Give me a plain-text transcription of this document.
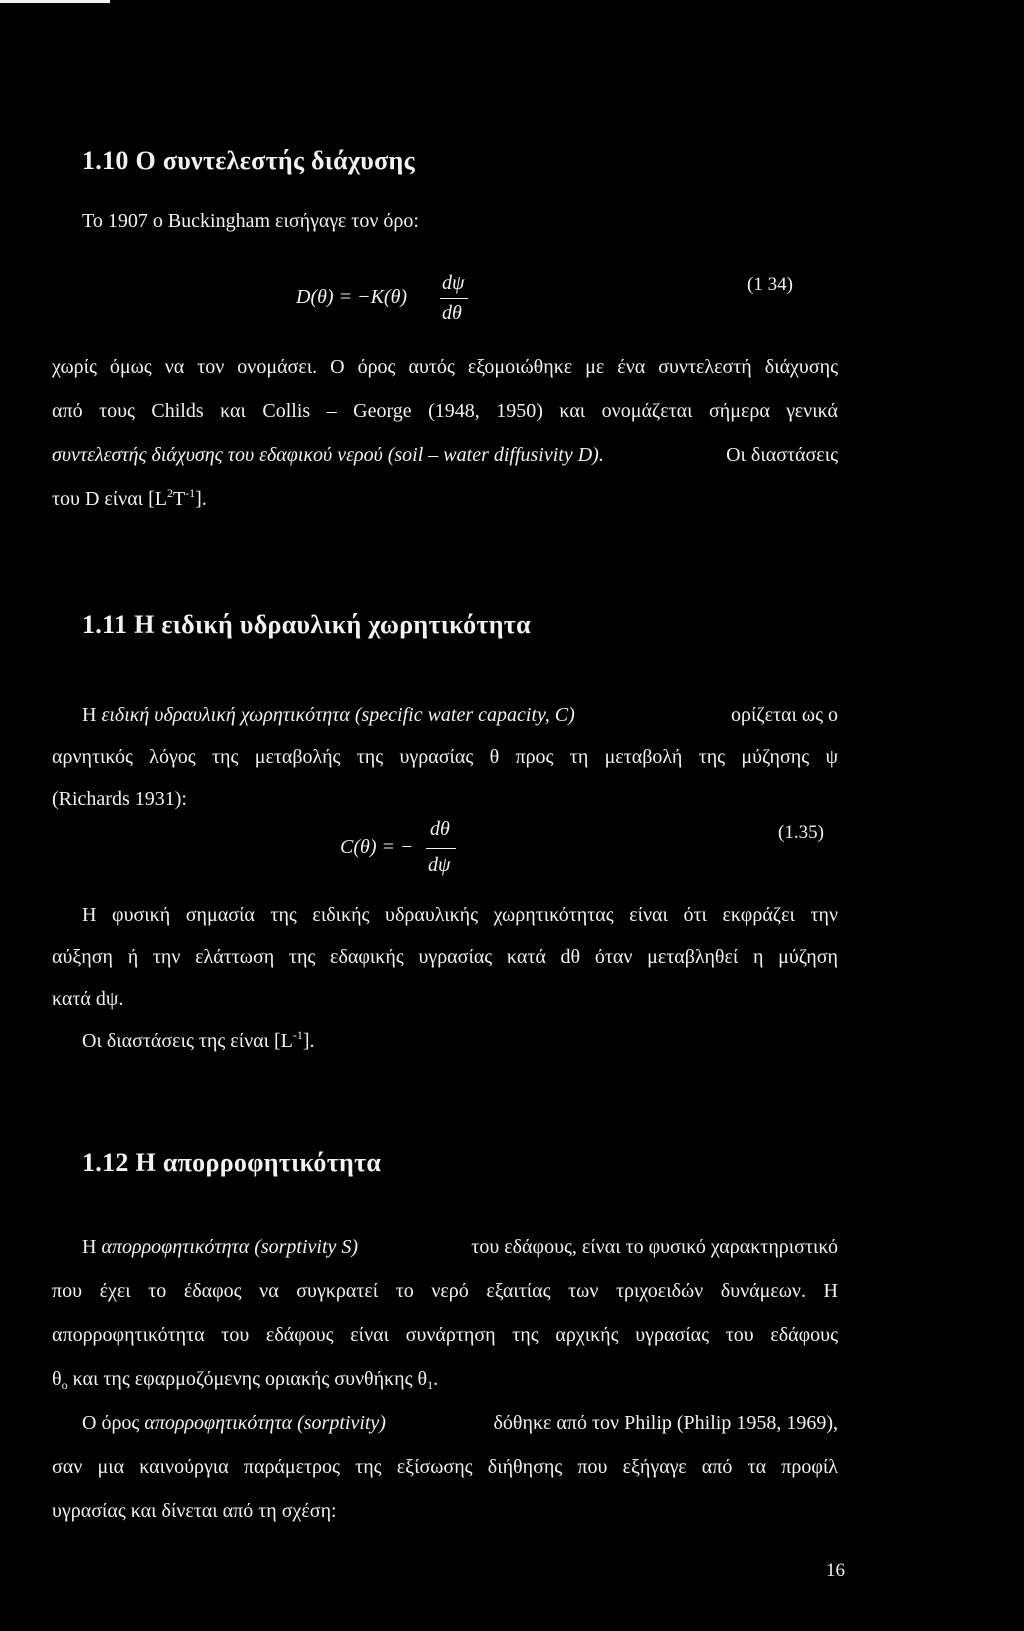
1.10 Ο συντελεστής διάχυσης
Το 1907 ο Buckingham εισήγαγε τον όρο:
D(θ) = −K(θ)
dψ
dθ
(1 34)
χωρίς όμως να τον ονομάσει. Ο όρος αυτός εξομοιώθηκε με ένα συντελεστή διάχυσης
από τους Childs και Collis – George (1948, 1950) και ονομάζεται σήμερα γενικά
συντελεστής διάχυσης του εδαφικού νερού (soil – water diffusivity D).	Οι διαστάσεις
του D είναι $[L^2T^{-1}]$.
1.11 Η ειδική υδραυλική χωρητικότητα
Η ειδική υδραυλική χωρητικότητα (specific water capacity, C)	ορίζεται ως ο
αρνητικός λόγος της μεταβολής της υγρασίας θ προς τη μεταβολή της μύζησης ψ
(Richards 1931):
C(θ) = −
dθ
dψ
(1.35)
Η φυσική σημασία της ειδικής υδραυλικής χωρητικότητας είναι ότι εκφράζει την
αύξηση ή την ελάττωση της εδαφικής υγρασίας κατά dθ όταν μεταβληθεί η μύζηση
κατά dψ.
Οι διαστάσεις της είναι $[L^{-1}]$.
1.12 Η απορροφητικότητα
Η απορροφητικότητα (sorptivity S)	του εδάφους, είναι το φυσικό χαρακτηριστικό
που έχει το έδαφος να συγκρατεί το νερό εξαιτίας των τριχοειδών δυνάμεων. Η
απορροφητικότητα του εδάφους είναι συνάρτηση της αρχικής υγρασίας του εδάφους
$\theta_o$ και της εφαρμοζόμενης οριακής συνθήκης $\theta_1$.
Ο όρος απορροφητικότητα (sorptivity)	δόθηκε από τον Philip (Philip 1958, 1969),
σαν μια καινούργια παράμετρος της εξίσωσης διήθησης που εξήγαγε από τα προφίλ
υγρασίας και δίνεται από τη σχέση:
16
